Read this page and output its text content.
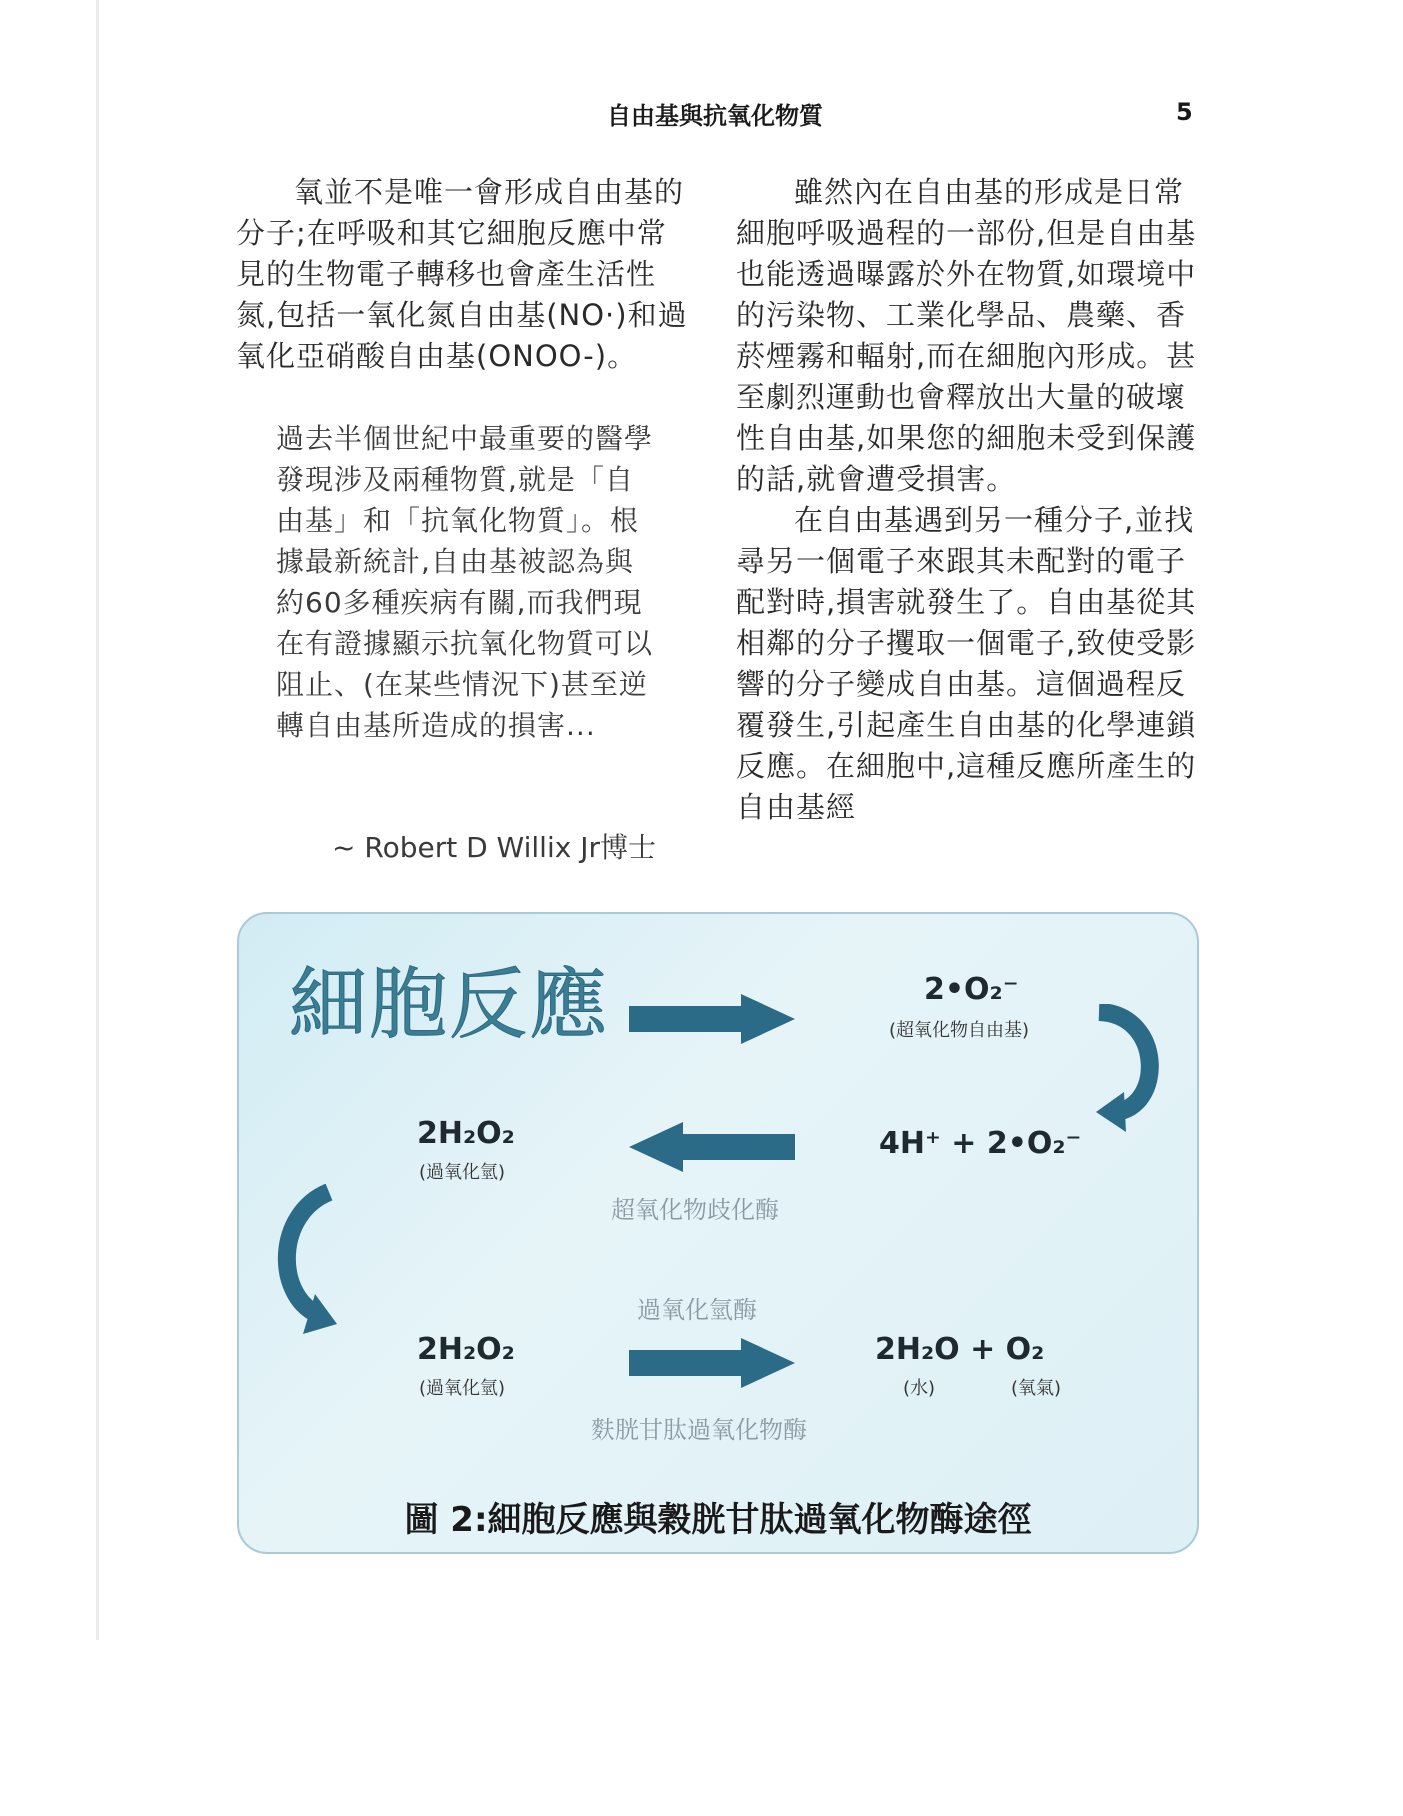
自由基與抗氧化物質	5

氧並不是唯一會形成自由基的分子;在呼吸和其它細胞反應中常見的生物電子轉移也會產生活性氮,包括一氧化氮自由基(NO·)和過氧化亞硝酸自由基(ONOO-)。

過去半個世紀中最重要的醫學發現涉及兩種物質,就是「自由基」和「抗氧化物質」。根據最新統計,自由基被認為與約60多種疾病有關,而我們現在有證據顯示抗氧化物質可以阻止、(在某些情況下)甚至逆轉自由基所造成的損害...
~ Robert D Willix Jr博士

雖然內在自由基的形成是日常細胞呼吸過程的一部份,但是自由基也能透過曝露於外在物質,如環境中的污染物、工業化學品、農藥、香菸煙霧和輻射,而在細胞內形成。甚至劇烈運動也會釋放出大量的破壞性自由基,如果您的細胞未受到保護的話,就會遭受損害。

在自由基遇到另一種分子,並找尋另一個電子來跟其未配對的電子配對時,損害就發生了。自由基從其相鄰的分子攫取一個電子,致使受影響的分子變成自由基。這個過程反覆發生,引起產生自由基的化學連鎖反應。在細胞中,這種反應所產生的自由基經

細胞反應	2•O₂⁻
(超氧化物自由基)
4H⁺ + 2•O₂⁻
2H₂O₂
(過氧化氫)
超氧化物歧化酶
過氧化氫酶
2H₂O₂
(過氧化氫)
2H₂O + O₂
(水)	(氧氣)
麩胱甘肽過氧化物酶
圖 2:細胞反應與穀胱甘肽過氧化物酶途徑
